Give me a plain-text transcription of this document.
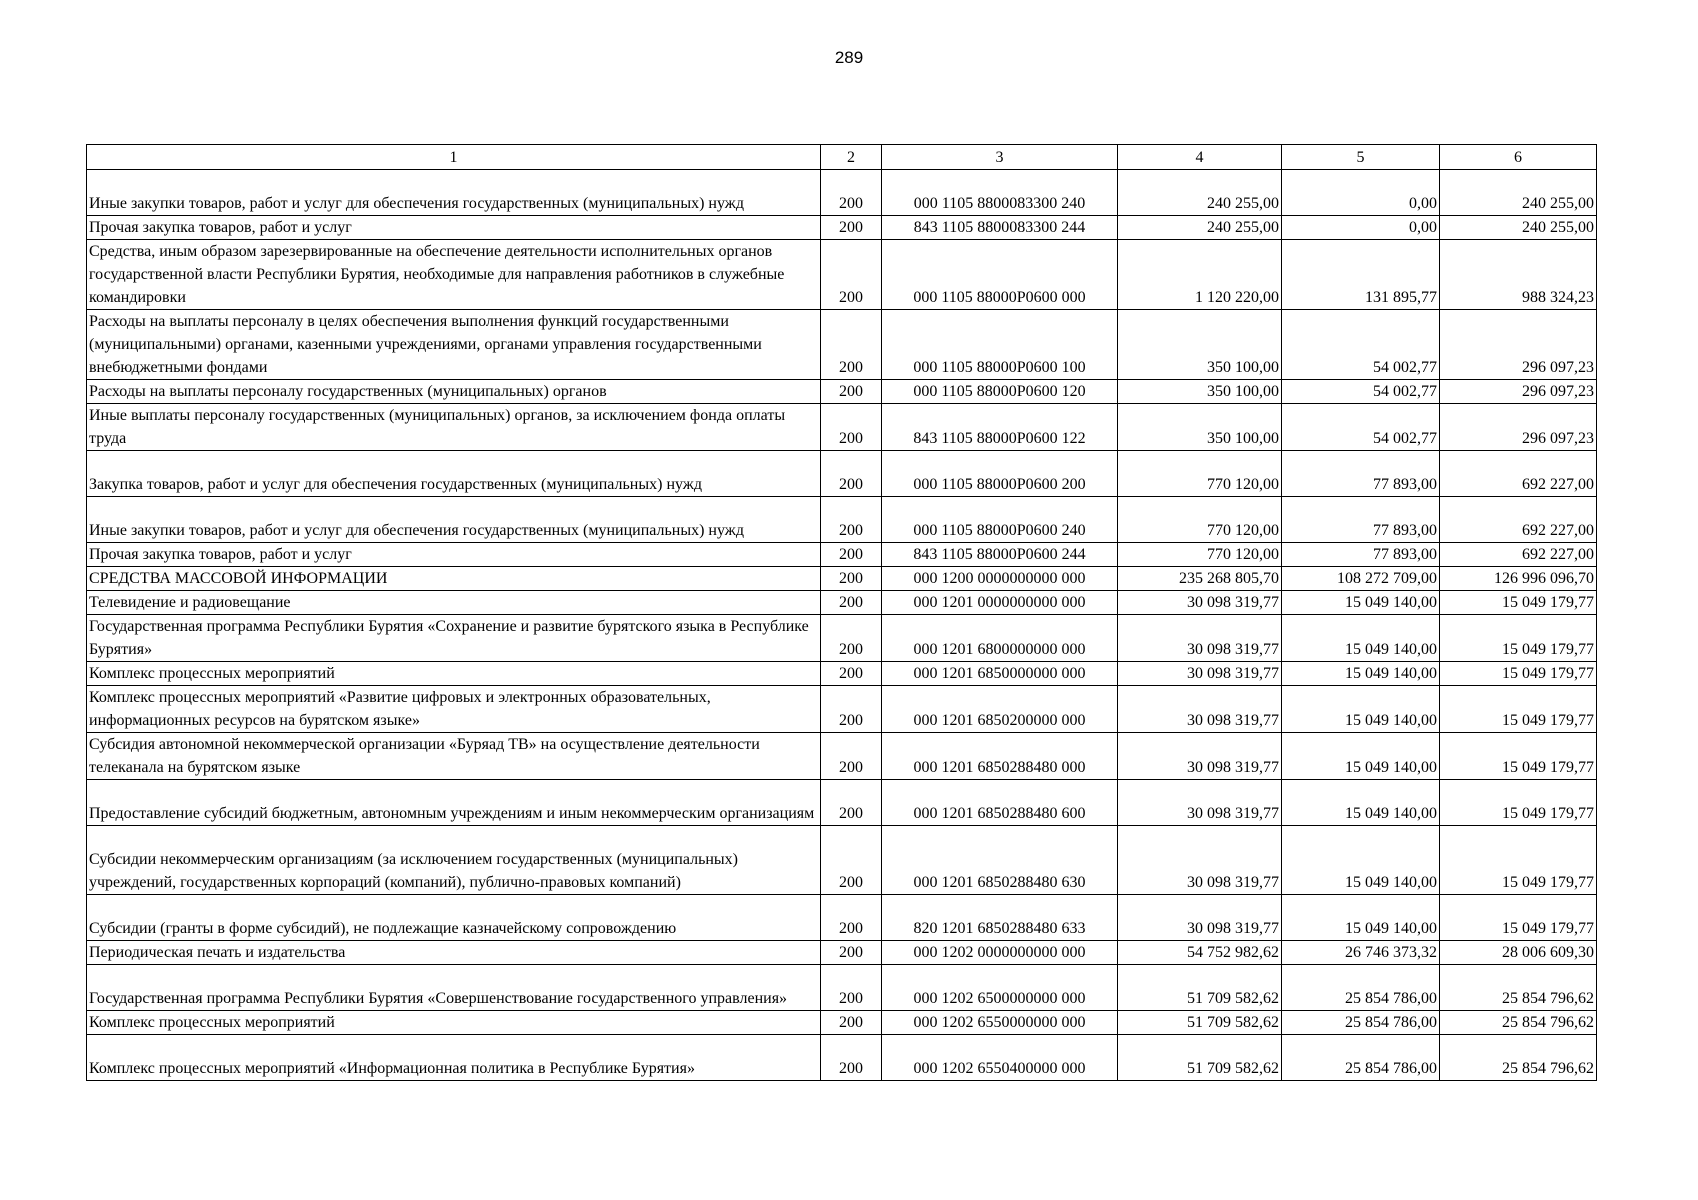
289
1	2	3	4	5	6
Иные закупки товаров, работ и услуг для обеспечения государственных (муниципальных) нужд	200	000 1105 8800083300 240	240 255,00	0,00	240 255,00
Прочая закупка товаров, работ и услуг	200	843 1105 8800083300 244	240 255,00	0,00	240 255,00
Средства, иным образом зарезервированные на обеспечение деятельности исполнительных органов государственной власти Республики Бурятия, необходимые для направления работников в служебные командировки	200	000 1105 88000P0600 000	1 120 220,00	131 895,77	988 324,23
Расходы на выплаты персоналу в целях обеспечения выполнения функций государственными (муниципальными) органами, казенными учреждениями, органами управления государственными внебюджетными фондами	200	000 1105 88000P0600 100	350 100,00	54 002,77	296 097,23
Расходы на выплаты персоналу государственных (муниципальных) органов	200	000 1105 88000P0600 120	350 100,00	54 002,77	296 097,23
Иные выплаты персоналу государственных (муниципальных) органов, за исключением фонда оплаты труда	200	843 1105 88000P0600 122	350 100,00	54 002,77	296 097,23
Закупка товаров, работ и услуг для обеспечения государственных (муниципальных) нужд	200	000 1105 88000P0600 200	770 120,00	77 893,00	692 227,00
Иные закупки товаров, работ и услуг для обеспечения государственных (муниципальных) нужд	200	000 1105 88000P0600 240	770 120,00	77 893,00	692 227,00
Прочая закупка товаров, работ и услуг	200	843 1105 88000P0600 244	770 120,00	77 893,00	692 227,00
СРЕДСТВА МАССОВОЙ ИНФОРМАЦИИ	200	000 1200 0000000000 000	235 268 805,70	108 272 709,00	126 996 096,70
Телевидение и радиовещание	200	000 1201 0000000000 000	30 098 319,77	15 049 140,00	15 049 179,77
Государственная программа Республики Бурятия «Сохранение и развитие бурятского языка в Республике Бурятия»	200	000 1201 6800000000 000	30 098 319,77	15 049 140,00	15 049 179,77
Комплекс процессных мероприятий	200	000 1201 6850000000 000	30 098 319,77	15 049 140,00	15 049 179,77
Комплекс процессных мероприятий «Развитие цифровых и электронных образовательных, информационных ресурсов на бурятском языке»	200	000 1201 6850200000 000	30 098 319,77	15 049 140,00	15 049 179,77
Субсидия автономной некоммерческой организации «Буряад ТВ» на осуществление деятельности телеканала на бурятском языке	200	000 1201 6850288480 000	30 098 319,77	15 049 140,00	15 049 179,77
Предоставление субсидий бюджетным, автономным учреждениям и иным некоммерческим организациям	200	000 1201 6850288480 600	30 098 319,77	15 049 140,00	15 049 179,77
Субсидии некоммерческим организациям (за исключением государственных (муниципальных) учреждений, государственных корпораций (компаний), публично-правовых компаний)	200	000 1201 6850288480 630	30 098 319,77	15 049 140,00	15 049 179,77
Субсидии (гранты в форме субсидий), не подлежащие казначейскому сопровождению	200	820 1201 6850288480 633	30 098 319,77	15 049 140,00	15 049 179,77
Периодическая печать и издательства	200	000 1202 0000000000 000	54 752 982,62	26 746 373,32	28 006 609,30
Государственная программа Республики Бурятия «Совершенствование государственного управления»	200	000 1202 6500000000 000	51 709 582,62	25 854 786,00	25 854 796,62
Комплекс процессных мероприятий	200	000 1202 6550000000 000	51 709 582,62	25 854 786,00	25 854 796,62
Комплекс процессных мероприятий «Информационная политика в Республике Бурятия»	200	000 1202 6550400000 000	51 709 582,62	25 854 786,00	25 854 796,62
